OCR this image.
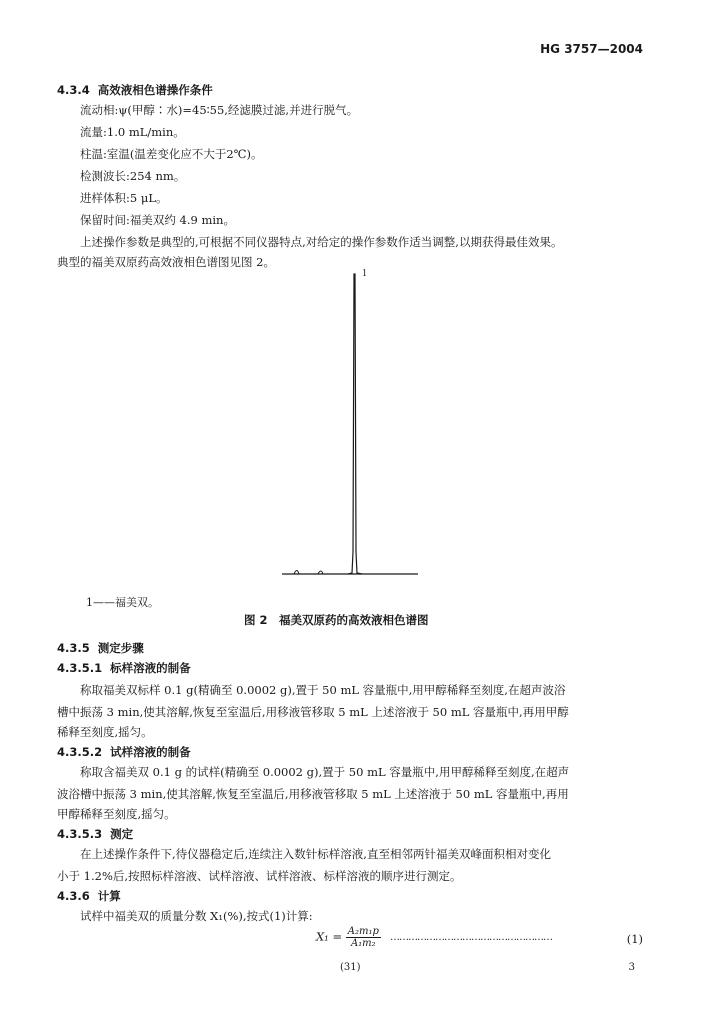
HG 3757—2004
4.3.4 高效液相色谱操作条件
流动相:ψ(甲醇∶水)=45∶55,经滤膜过滤,并进行脱气。
流量:1.0 mL/min。
柱温:室温(温差变化应不大于2℃)。
检测波长:254 nm。
进样体积:5 μL。
保留时间:福美双约 4.9 min。
上述操作参数是典型的,可根据不同仪器特点,对给定的操作参数作适当调整,以期获得最佳效果。
典型的福美双原药高效液相色谱图见图 2。
1
1——福美双。
图 2　福美双原药的高效液相色谱图
4.3.5 测定步骤
4.3.5.1 标样溶液的制备
称取福美双标样 0.1 g(精确至 0.0002 g),置于 50 mL 容量瓶中,用甲醇稀释至刻度,在超声波浴
槽中振荡 3 min,使其溶解,恢复至室温后,用移液管移取 5 mL 上述溶液于 50 mL 容量瓶中,再用甲醇
稀释至刻度,摇匀。
4.3.5.2 试样溶液的制备
称取含福美双 0.1 g 的试样(精确至 0.0002 g),置于 50 mL 容量瓶中,用甲醇稀释至刻度,在超声
波浴槽中振荡 3 min,使其溶解,恢复至室温后,用移液管移取 5 mL 上述溶液于 50 mL 容量瓶中,再用
甲醇稀释至刻度,摇匀。
4.3.5.3 测定
在上述操作条件下,待仪器稳定后,连续注入数针标样溶液,直至相邻两针福美双峰面积相对变化
小于 1.2%后,按照标样溶液、试样溶液、试样溶液、标样溶液的顺序进行测定。
4.3.6 计算
试样中福美双的质量分数 X₁(%),按式(1)计算:
$X_1 = \frac{\text{A₂m₁p}}{\text{A₁m₂}}$ ………………………………………………	(1)
(31)	3
